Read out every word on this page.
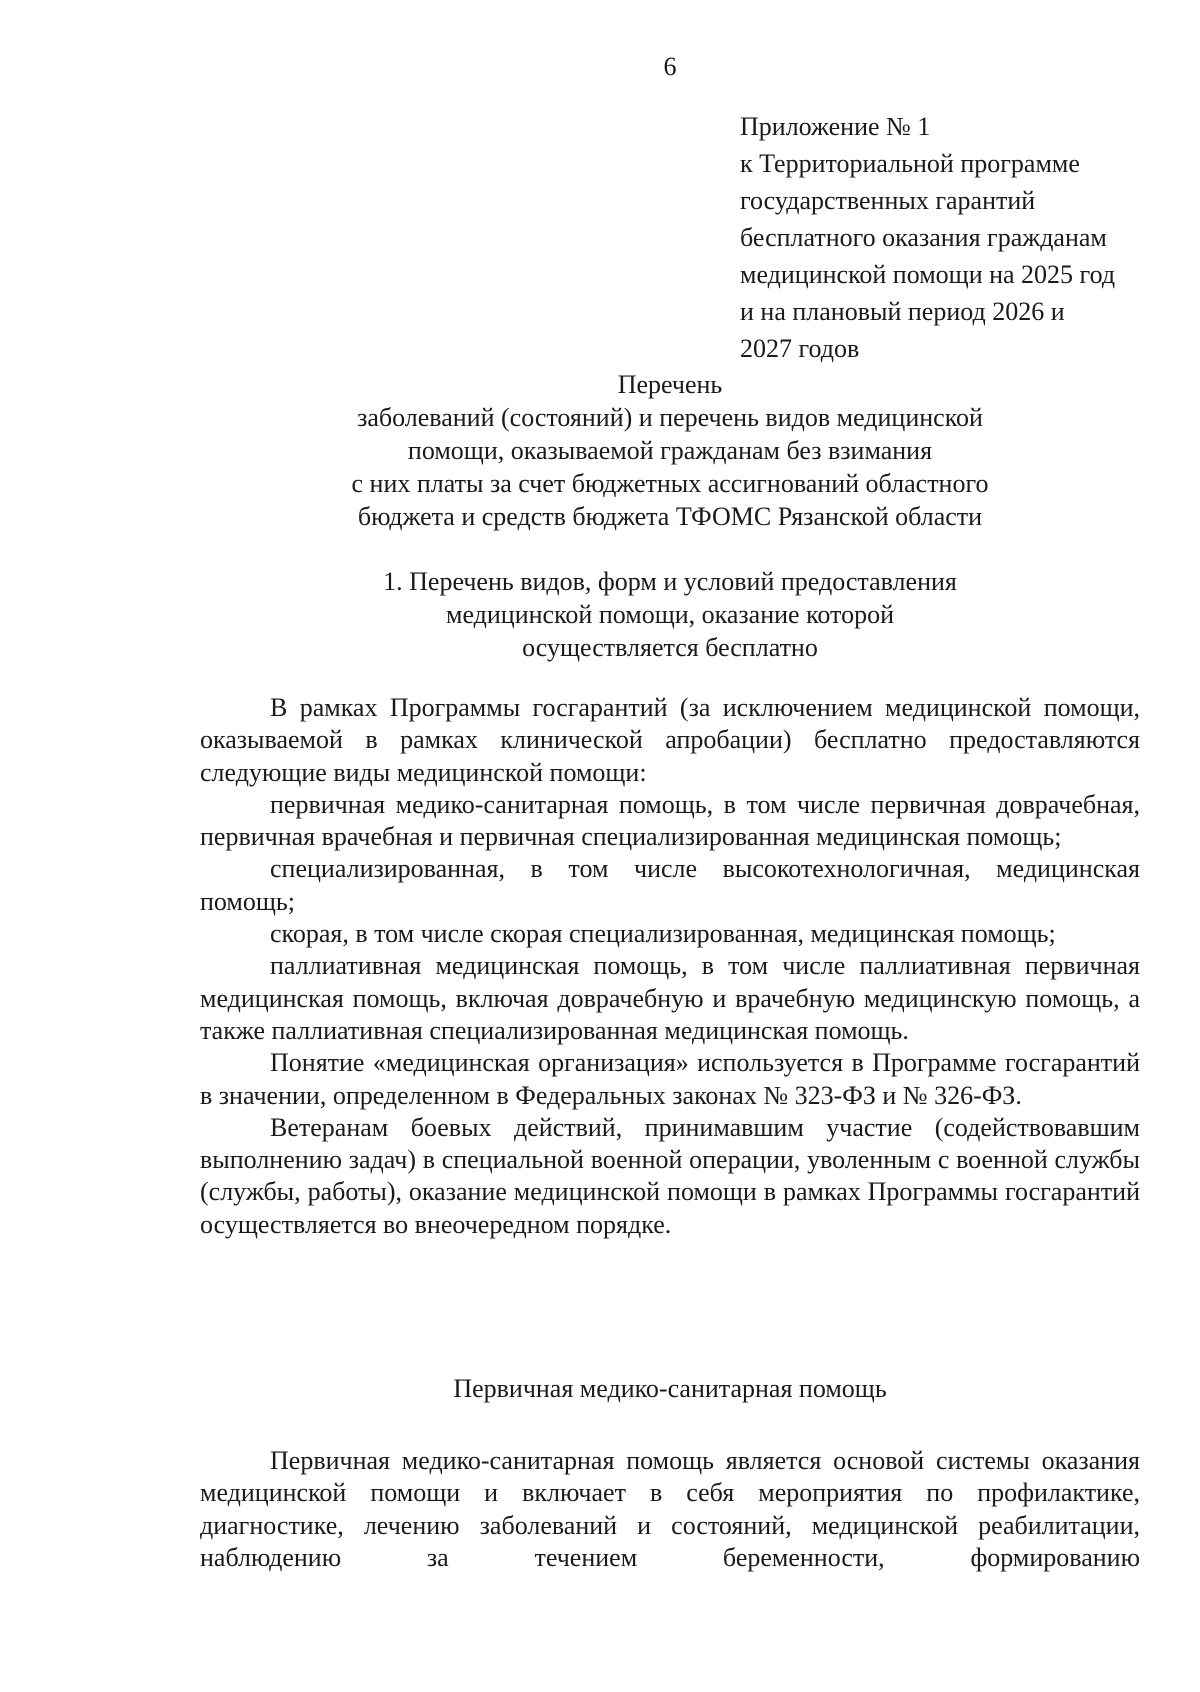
6
Приложение № 1
к Территориальной программе
государственных гарантий
бесплатного оказания гражданам
медицинской помощи на 2025 год
и на плановый период 2026 и
2027 годов
Перечень
заболеваний (состояний) и перечень видов медицинской
помощи, оказываемой гражданам без взимания
с них платы за счет бюджетных ассигнований областного
бюджета и средств бюджета ТФОМС Рязанской области
1. Перечень видов, форм и условий предоставления
медицинской помощи, оказание которой
осуществляется бесплатно

В рамках Программы госгарантий (за исключением медицинской помощи, оказываемой в рамках клинической апробации) бесплатно предоставляются следующие виды медицинской помощи:

первичная медико-санитарная помощь, в том числе первичная доврачебная, первичная врачебная и первичная специализированная медицинская помощь;

специализированная, в том числе высокотехнологичная, медицинская помощь;

скорая, в том числе скорая специализированная, медицинская помощь;

паллиативная медицинская помощь, в том числе паллиативная первичная медицинская помощь, включая доврачебную и врачебную медицинскую помощь, а также паллиативная специализированная медицинская помощь.

Понятие «медицинская организация» используется в Программе госгарантий в значении, определенном в Федеральных законах № 323-ФЗ и № 326-ФЗ.

Ветеранам боевых действий, принимавшим участие (содействовавшим выполнению задач) в специальной военной операции, уволенным с военной службы (службы, работы), оказание медицинской помощи в рамках Программы госгарантий осуществляется во внеочередном порядке.

Первичная медико-санитарная помощь

Первичная медико-санитарная помощь является основой системы оказания медицинской помощи и включает в себя мероприятия по профилактике, диагностике, лечению заболеваний и состояний, медицинской реабилитации, наблюдению за течением беременности, формированию
